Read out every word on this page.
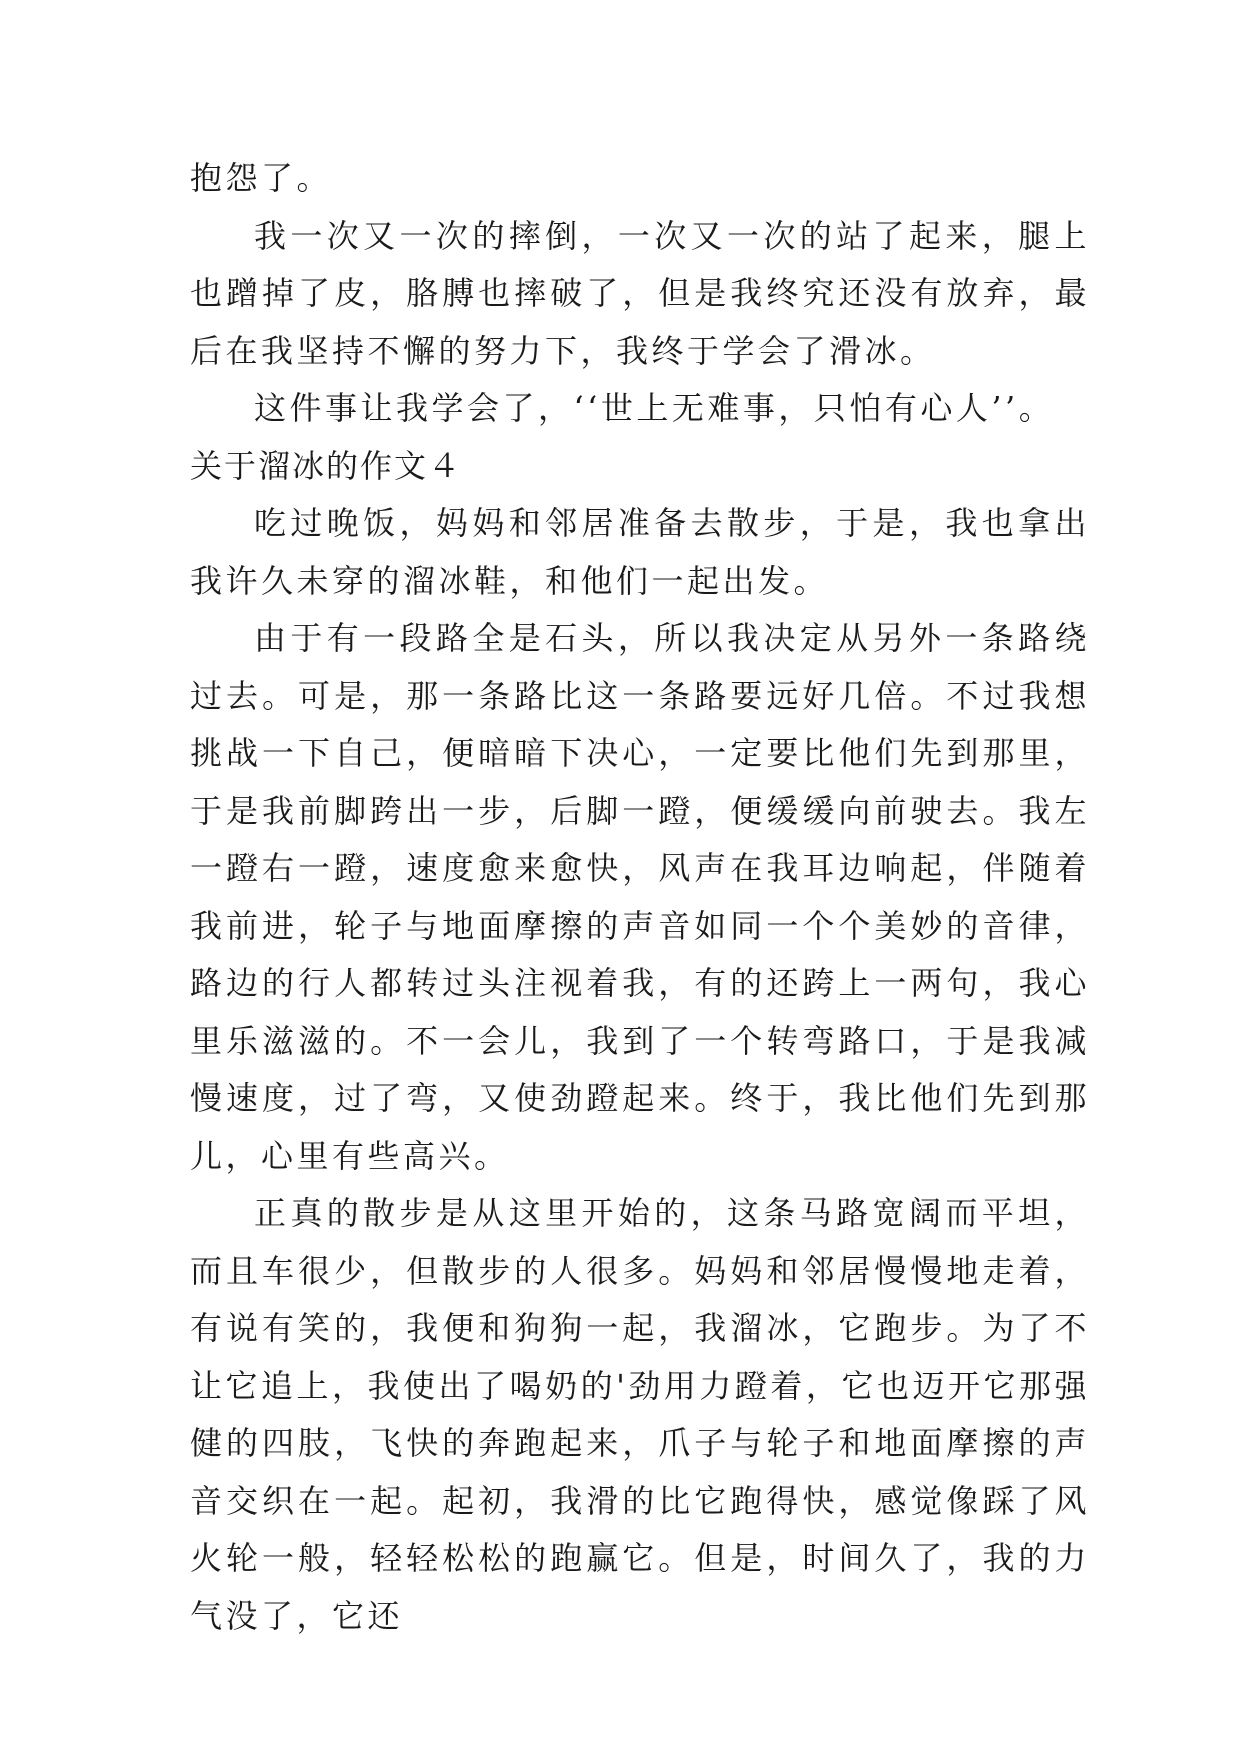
抱怨了。

我一次又一次的摔倒，一次又一次的站了起来，腿上也蹭掉了皮，胳膊也摔破了，但是我终究还没有放弃，最后在我坚持不懈的努力下，我终于学会了滑冰。

这件事让我学会了，‘‘世上无难事，只怕有心人’’。

关于溜冰的作文４

吃过晚饭，妈妈和邻居准备去散步，于是，我也拿出我许久未穿的溜冰鞋，和他们一起出发。

由于有一段路全是石头，所以我决定从另外一条路绕过去。可是，那一条路比这一条路要远好几倍。不过我想挑战一下自己，便暗暗下决心，一定要比他们先到那里，于是我前脚跨出一步，后脚一蹬，便缓缓向前驶去。我左一蹬右一蹬，速度愈来愈快，风声在我耳边响起，伴随着我前进，轮子与地面摩擦的声音如同一个个美妙的音律，路边的行人都转过头注视着我，有的还跨上一两句，我心里乐滋滋的。不一会儿，我到了一个转弯路口，于是我减慢速度，过了弯，又使劲蹬起来。终于，我比他们先到那儿，心里有些高兴。

正真的散步是从这里开始的，这条马路宽阔而平坦，而且车很少，但散步的人很多。妈妈和邻居慢慢地走着，有说有笑的，我便和狗狗一起，我溜冰，它跑步。为了不让它追上，我使出了喝奶的'劲用力蹬着，它也迈开它那强健的四肢，飞快的奔跑起来，爪子与轮子和地面摩擦的声音交织在一起。起初，我滑的比它跑得快，感觉像踩了风火轮一般，轻轻松松的跑赢它。但是，时间久了，我的力气没了，它还
